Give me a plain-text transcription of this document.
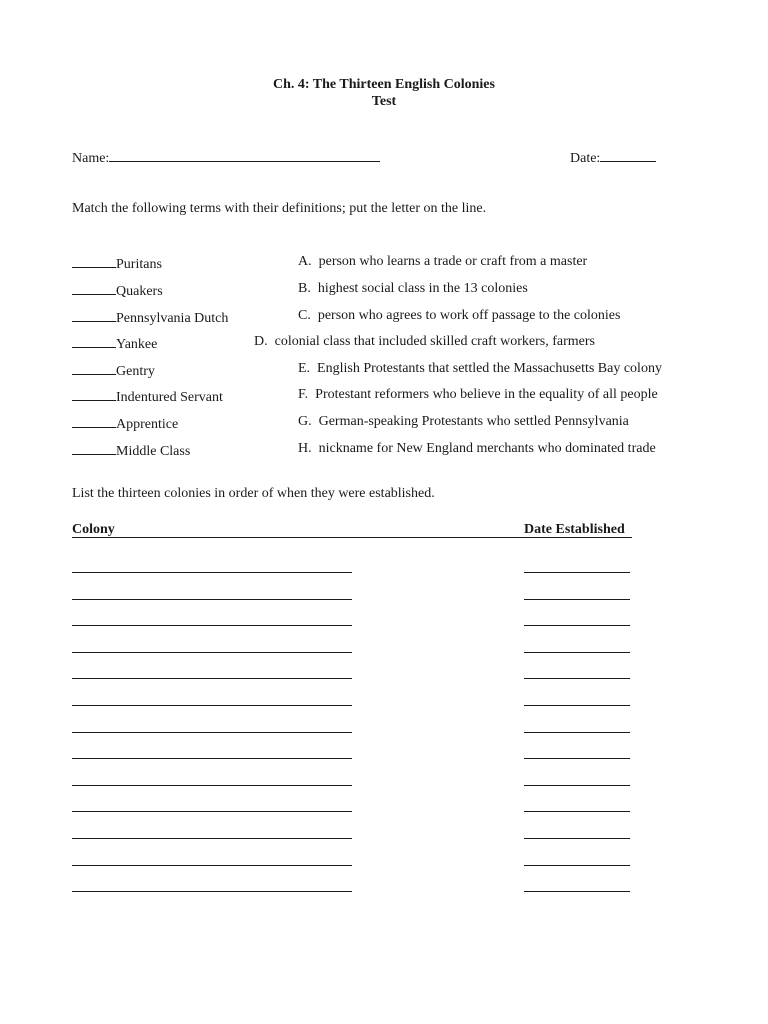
Ch. 4: The Thirteen English Colonies
Test
Name:	Date:
Match the following terms with their definitions; put the letter on the line.
Puritans
Quakers
Pennsylvania Dutch
Yankee
Gentry
Indentured Servant
Apprentice
Middle Class
A.  person who learns a trade or craft from a master
B.  highest social class in the 13 colonies
C.  person who agrees to work off passage to the colonies
D.  colonial class that included skilled craft workers, farmers
E.  English Protestants that settled the Massachusetts Bay colony
F.  Protestant reformers who believe in the equality of all people
G.  German-speaking Protestants who settled Pennsylvania
H.  nickname for New England merchants who dominated trade
List the thirteen colonies in order of when they were established.
Colony	Date Established
